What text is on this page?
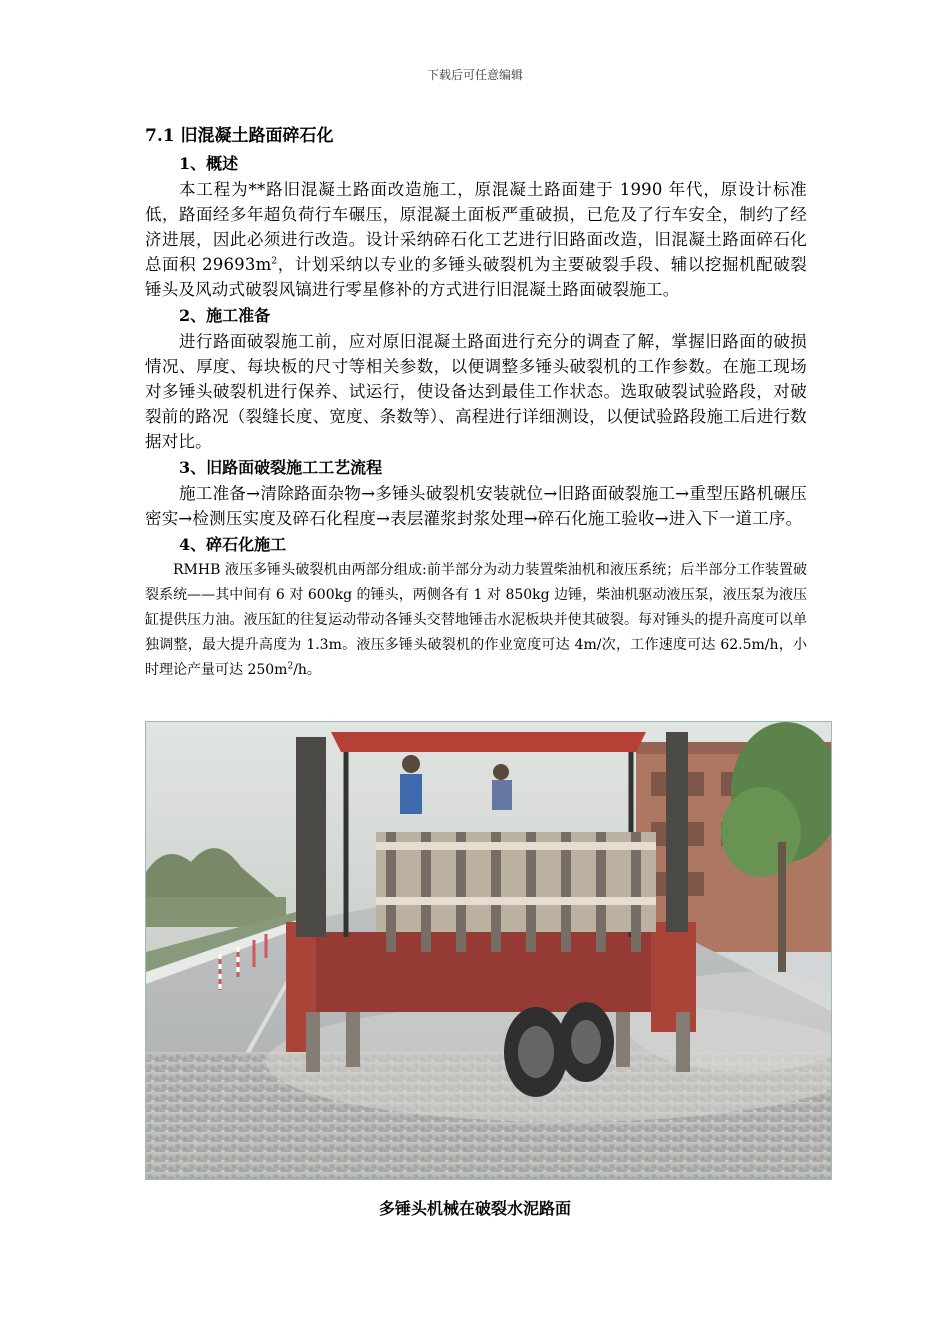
下载后可任意编辑

7.1 旧混凝土路面碎石化

1、概述

本工程为**路旧混凝土路面改造施工，原混凝土路面建于 1990 年代，原设计标准低，路面经多年超负荷行车碾压，原混凝土面板严重破损，已危及了行车安全，制约了经济进展，因此必须进行改造。设计采纳碎石化工艺进行旧路面改造，旧混凝土路面碎石化总面积 $29693m^2$，计划采纳以专业的多锤头破裂机为主要破裂手段、辅以挖掘机配破裂锤头及风动式破裂风镐进行零星修补的方式进行旧混凝土路面破裂施工。

2、施工准备

进行路面破裂施工前，应对原旧混凝土路面进行充分的调查了解，掌握旧路面的破损情况、厚度、每块板的尺寸等相关参数，以便调整多锤头破裂机的工作参数。在施工现场对多锤头破裂机进行保养、试运行，使设备达到最佳工作状态。选取破裂试验路段，对破裂前的路况（裂缝长度、宽度、条数等）、高程进行详细测设，以便试验路段施工后进行数据对比。

3、旧路面破裂施工工艺流程

施工准备→清除路面杂物→多锤头破裂机安装就位→旧路面破裂施工→重型压路机碾压密实→检测压实度及碎石化程度→表层灌浆封浆处理→碎石化施工验收→进入下一道工序。

4、碎石化施工

RMHB 液压多锤头破裂机由两部分组成:前半部分为动力装置柴油机和液压系统；后半部分工作装置破裂系统——其中间有 6 对 600kg 的锤头，两侧各有 1 对 850kg 边锤，柴油机驱动液压泵，液压泵为液压缸提供压力油。液压缸的往复运动带动各锤头交替地锤击水泥板块并使其破裂。每对锤头的提升高度可以单独调整，最大提升高度为 1.3m。液压多锤头破裂机的作业宽度可达 4m/次，工作速度可达 62.5m/h，小时理论产量可达 $250m^2/h$。

多锤头机械在破裂水泥路面
